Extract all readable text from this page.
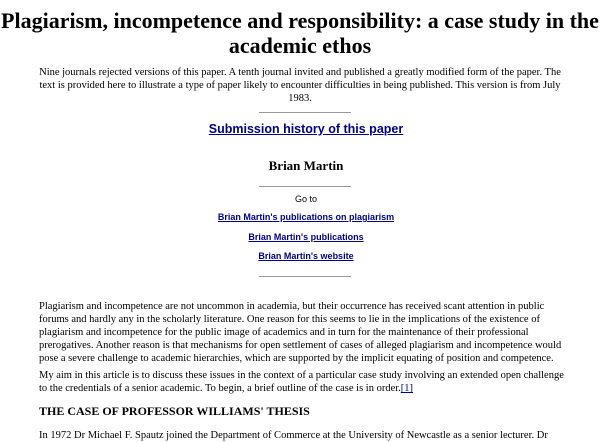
Plagiarism, incompetence and responsibility: a case study in the academic ethos

Nine journals rejected versions of this paper. A tenth journal invited and published a greatly modified form of the paper. The text is provided here to illustrate a type of paper likely to encounter difficulties in being published. This version is from July 1983.

Submission history of this paper

Brian Martin

Go to

Brian Martin's publications on plagiarism
Brian Martin's publications
Brian Martin's website

Plagiarism and incompetence are not uncommon in academia, but their occurrence has received scant attention in public forums and hardly any in the scholarly literature. One reason for this seems to lie in the implications of the existence of plagiarism and incompetence for the public image of academics and in turn for the maintenance of their professional prerogatives. Another reason is that mechanisms for open settlement of cases of alleged plagiarism and incompetence would pose a severe challenge to academic hierarchies, which are supported by the implicit equating of position and competence.

My aim in this article is to discuss these issues in the context of a particular case study involving an extended open challenge to the credentials of a senior academic. To begin, a brief outline of the case is in order.[1]

THE CASE OF PROFESSOR WILLIAMS' THESIS

In 1972 Dr Michael F. Spautz joined the Department of Commerce at the University of Newcastle as a senior lecturer. Dr
